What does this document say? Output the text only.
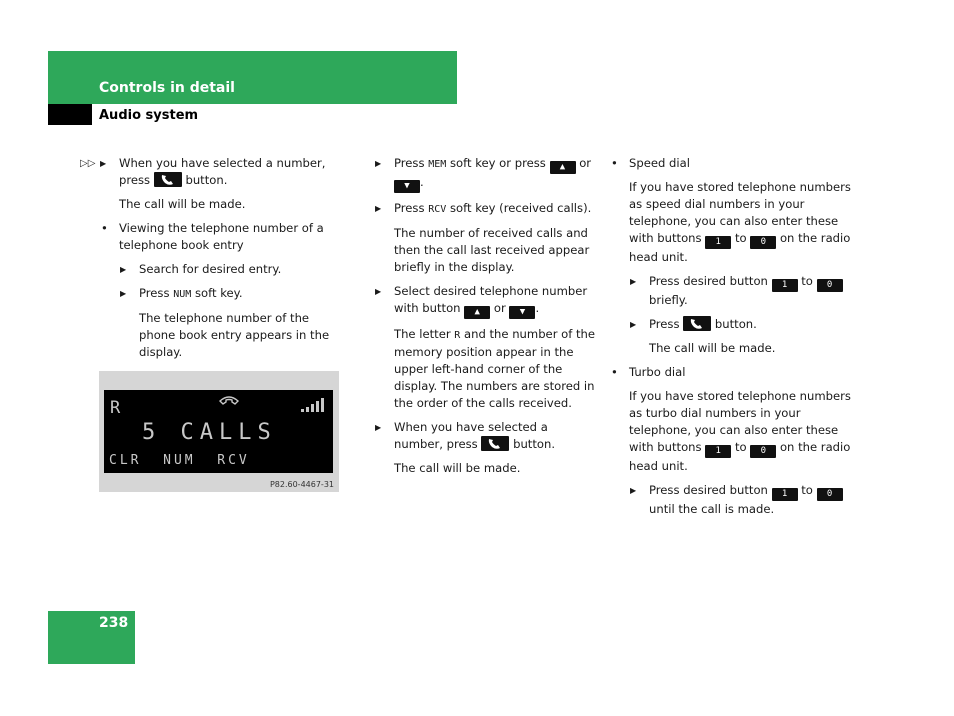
Controls in detail
Audio system
▷▷

▶	When you have selected a number, press	button.

The call will be made.

• Viewing the telephone number of a telephone book entry

▶ Search for desired entry.

▶ Press NUM soft key.

The telephone number of the phone book entry appears in the display.

•

R
5 CALLS
CLR  NUM  RCV
P82.60-4467-31

▶ Press MEM soft key or press ▲ or ▼ .

▶ Press RCV soft key (received calls).

The number of received calls and then the call last received appear briefly in the display.

▶ Select desired telephone number with button ▲ or ▼ .

The letter R and the number of the memory position appear in the upper left-hand corner of the display. The numbers are stored in the order of the calls received.

▶ When you have selected a number, press	button.

The call will be made.

• Speed dial

If you have stored telephone numbers as speed dial numbers in your telephone, you can also enter these with buttons 1 to 0 on the radio head unit.

▶ Press desired button 1 to 0 briefly.

▶ Press	button.

The call will be made.

• Turbo dial

If you have stored telephone numbers as turbo dial numbers in your telephone, you can also enter these with buttons 1 to 0 on the radio head unit.

▶ Press desired button 1 to 0 until the call is made.

238
